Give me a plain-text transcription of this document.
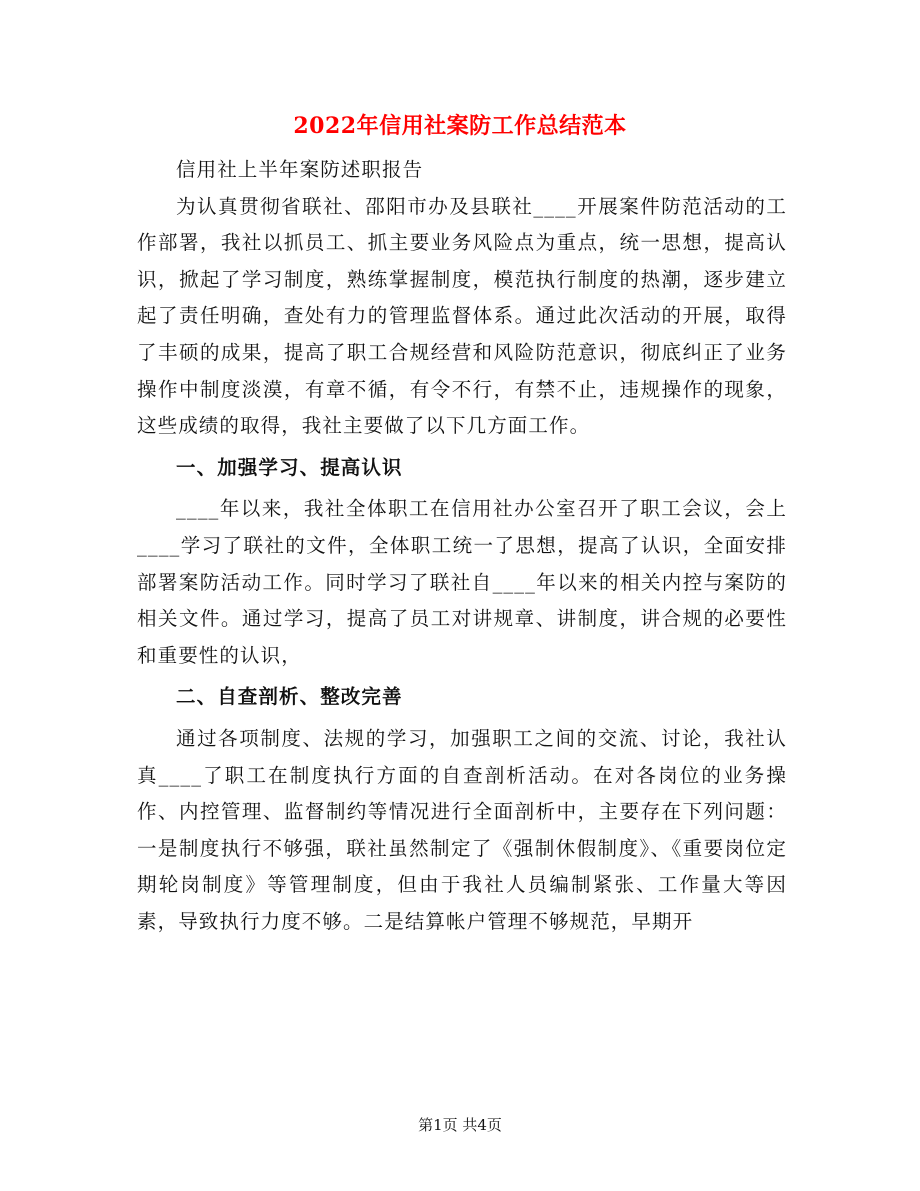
2022年信用社案防工作总结范本

信用社上半年案防述职报告

为认真贯彻省联社、邵阳市办及县联社____开展案件防范活动的工作部署，我社以抓员工、抓主要业务风险点为重点，统一思想，提高认识，掀起了学习制度，熟练掌握制度，模范执行制度的热潮，逐步建立起了责任明确，查处有力的管理监督体系。通过此次活动的开展，取得了丰硕的成果，提高了职工合规经营和风险防范意识，彻底纠正了业务操作中制度淡漠，有章不循，有令不行，有禁不止，违规操作的现象，这些成绩的取得，我社主要做了以下几方面工作。

一、加强学习、提高认识

____年以来，我社全体职工在信用社办公室召开了职工会议，会上____学习了联社的文件，全体职工统一了思想，提高了认识，全面安排部署案防活动工作。同时学习了联社自____年以来的相关内控与案防的相关文件。通过学习，提高了员工对讲规章、讲制度，讲合规的必要性和重要性的认识，

二、自查剖析、整改完善

通过各项制度、法规的学习，加强职工之间的交流、讨论，我社认真____了职工在制度执行方面的自查剖析活动。在对各岗位的业务操作、内控管理、监督制约等情况进行全面剖析中，主要存在下列问题：一是制度执行不够强，联社虽然制定了《强制休假制度》、《重要岗位定期轮岗制度》等管理制度，但由于我社人员编制紧张、工作量大等因素，导致执行力度不够。二是结算帐户管理不够规范，早期开

第1页 共4页
